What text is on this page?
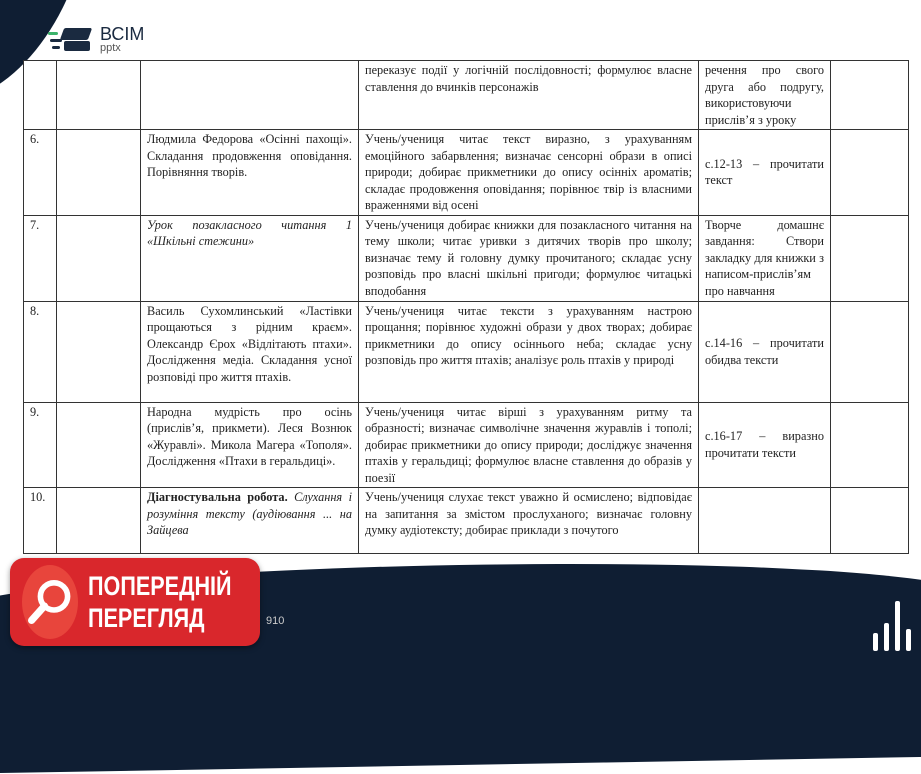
ВСІМ
pptx
			переказує події у логічній послідовності; формулює власне ставлення до вчинків персонажів	речення про свого друга або подругу, використовуючи прислів’я з уроку	
6.		Людмила Федорова «Осінні пахощі». Складання продовження оповідання. Порівняння творів.	Учень/учениця читає текст виразно, з урахуванням емоційного забарвлення; визначає сенсорні образи в описі природи; добирає прикметники до опису осінніх ароматів; складає продовження оповідання; порівнює твір із власними враженнями від осені	с.12-13 – прочитати текст	
7.		Урок позакласного читання 1 «Шкільні стежини»	Учень/учениця добирає книжки для позакласного читання на тему школи; читає уривки з дитячих творів про школу; визначає тему й головну думку прочитаного; складає усну розповідь про власні шкільні пригоди; формулює читацькі вподобання	Творче домашнє завдання: Створи закладку для книжки з написом-прислів’ям про навчання	
8.		Василь Сухомлинський «Ластівки прощаються з рідним краєм». Олександр Єрох «Відлітають птахи». Дослідження медіа. Складання усної розповіді про життя птахів.	Учень/учениця читає тексти з урахуванням настрою прощання; порівнює художні образи у двох творах; добирає прикметники до опису осіннього неба; складає усну розповідь про життя птахів; аналізує роль птахів у природі	с.14-16 – прочитати обидва тексти	
9.		Народна мудрість про осінь (прислів’я, прикмети). Леся Вознюк «Журавлі». Микола Магера «Тополя». Дослідження «Птахи в геральдиці».	Учень/учениця читає вірші з урахуванням ритму та образності; визначає символічне значення журавлів і тополі; добирає прикметники до опису природи; досліджує значення птахів у геральдиці; формулює власне ставлення до образів у поезії	с.16-17 – виразно прочитати тексти	
10.		Діагностувальна робота. Слухання і розуміння тексту (аудіювання ... на Зайцева	Учень/учениця слухає текст уважно й осмислено; відповідає на запитання за змістом прослуханого; визначає головну думку аудіотексту; добирає приклади з почутого		
910
ПОПЕРЕДНІЙ
ПЕРЕГЛЯД
